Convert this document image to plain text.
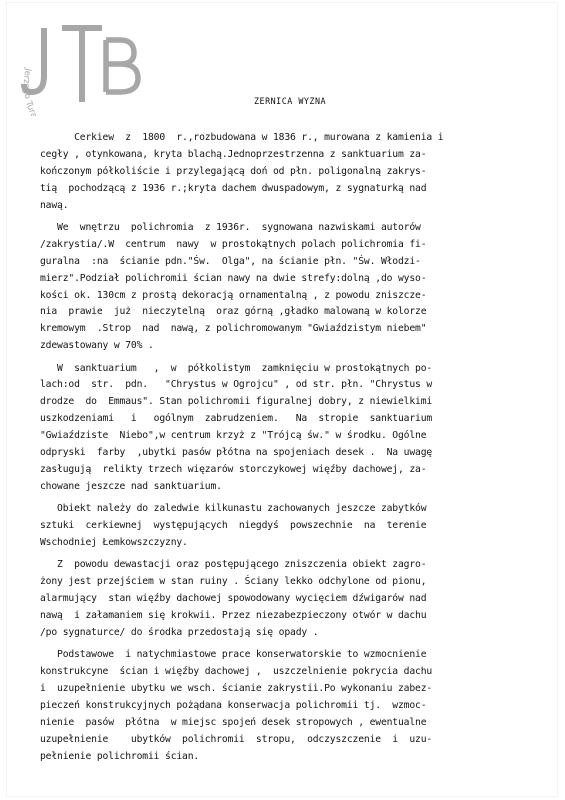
Jerzego Tura
ZERNICA WYZNA
Cerkiew  z  1800  r.,rozbudowana w 1836 r., murowana z kamienia i
cegły , otynkowana, kryta blachą.Jednoprzestrzenna z sanktuarium za-
kończonym półkoliście i przylegającą doń od płn. poligonalną zakrys-
tią  pochodzącą z 1936 r.;kryta dachem dwuspadowym, z sygnaturką nad
nawą.
We  wnętrzu  polichromia  z 1936r.  sygnowana nazwiskami autorów
/zakrystia/.W  centrum  nawy  w prostokątnych polach polichromia fi-
guralna  :na  ścianie pdn."Św.  Olga", na ścianie płn. "Św. Włodzi-
mierz".Podział polichromii ścian nawy na dwie strefy:dolną ,do wyso-
kości ok. 130cm z prostą dekoracją ornamentalną , z powodu zniszcze-
nia  prawie  już  nieczytelną  oraz górną ,gładko malowaną w kolorze
kremowym  .Strop  nad  nawą, z polichromowanym "Gwiaździstym niebem"
zdewastowany w 70% .
W  sanktuarium   ,  w  półkolistym  zamknięciu w prostokątnych po-
lach:od  str.  pdn.   "Chrystus w Ogrojcu" , od str. płn. "Chrystus w
drodze  do  Emmaus". Stan polichromii figuralnej dobry, z niewielkimi
uszkodzeniami   i   ogólnym  zabrudzeniem.   Na  stropie  sanktuarium
"Gwiaździste  Niebo",w centrum krzyż z "Trójcą św." w środku. Ogólne
odpryski  farby  ,ubytki pasów płótna na spojeniach desek .  Na uwagę
zasługują  relikty trzech więzarów storczykowej więźby dachowej, za-
chowane jeszcze nad sanktuarium.
Obiekt należy do zaledwie kilkunastu zachowanych jeszcze zabytków
sztuki  cerkiewnej  występujących  niegdyś  powszechnie  na  terenie
Wschodniej Łemkowszczyzny.
Z  powodu dewastacji oraz postępującego zniszczenia obiekt zagro-
żony jest przejściem w stan ruiny . Ściany lekko odchylone od pionu,
alarmujący  stan więźby dachowej spowodowany wycięciem dźwigarów nad
nawą  i załamaniem się krokwii. Przez niezabezpieczony otwór w dachu
/po sygnaturce/ do środka przedostają się opady .
Podstawowe  i natychmiastowe prace konserwatorskie to wzmocnienie
konstrukcyne  ścian i więźby dachowej ,  uszczelnienie pokrycia dachu
i  uzupełnienie ubytku we wsch. ścianie zakrystii.Po wykonaniu zabez-
pieczeń konstrukcyjnych pożądana konserwacja polichromii tj.  wzmoc-
nienie  pasów  płótna  w miejsc spojeń desek stropowych , ewentualne
uzupełnienie    ubytków  polichromii  stropu,  odczyszczenie  i  uzu-
pełnienie polichromii ścian.
